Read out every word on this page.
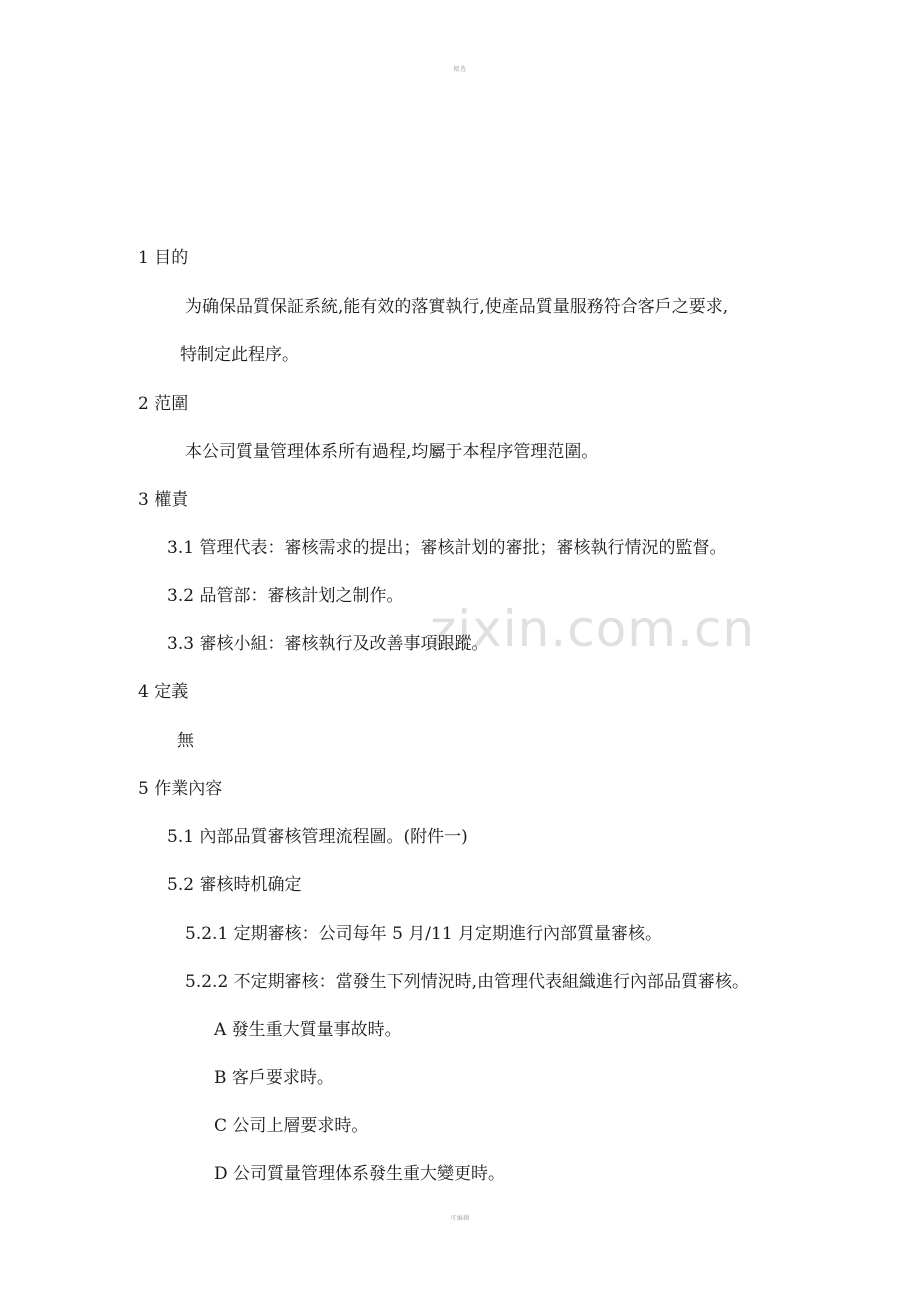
精选
zixin.com.cn
1 目的
为确保品質保証系統,能有效的落實執行,使產品質量服務符合客戶之要求,
特制定此程序。
2 范圍
本公司質量管理体系所有過程,均屬于本程序管理范圍。
3 權責
3.1 管理代表：審核需求的提出；審核計划的審批；審核執行情況的監督。
3.2 品管部：審核計划之制作。
3.3 審核小組：審核執行及改善事項跟蹤。
4 定義
無
5 作業內容
5.1 內部品質審核管理流程圖。(附件一)
5.2 審核時机确定
5.2.1 定期審核：公司每年 5 月/11 月定期進行內部質量審核。
5.2.2 不定期審核：當發生下列情況時,由管理代表組織進行內部品質審核。
A 發生重大質量事故時。
B 客戶要求時。
C 公司上層要求時。
D 公司質量管理体系發生重大變更時。
可编辑
